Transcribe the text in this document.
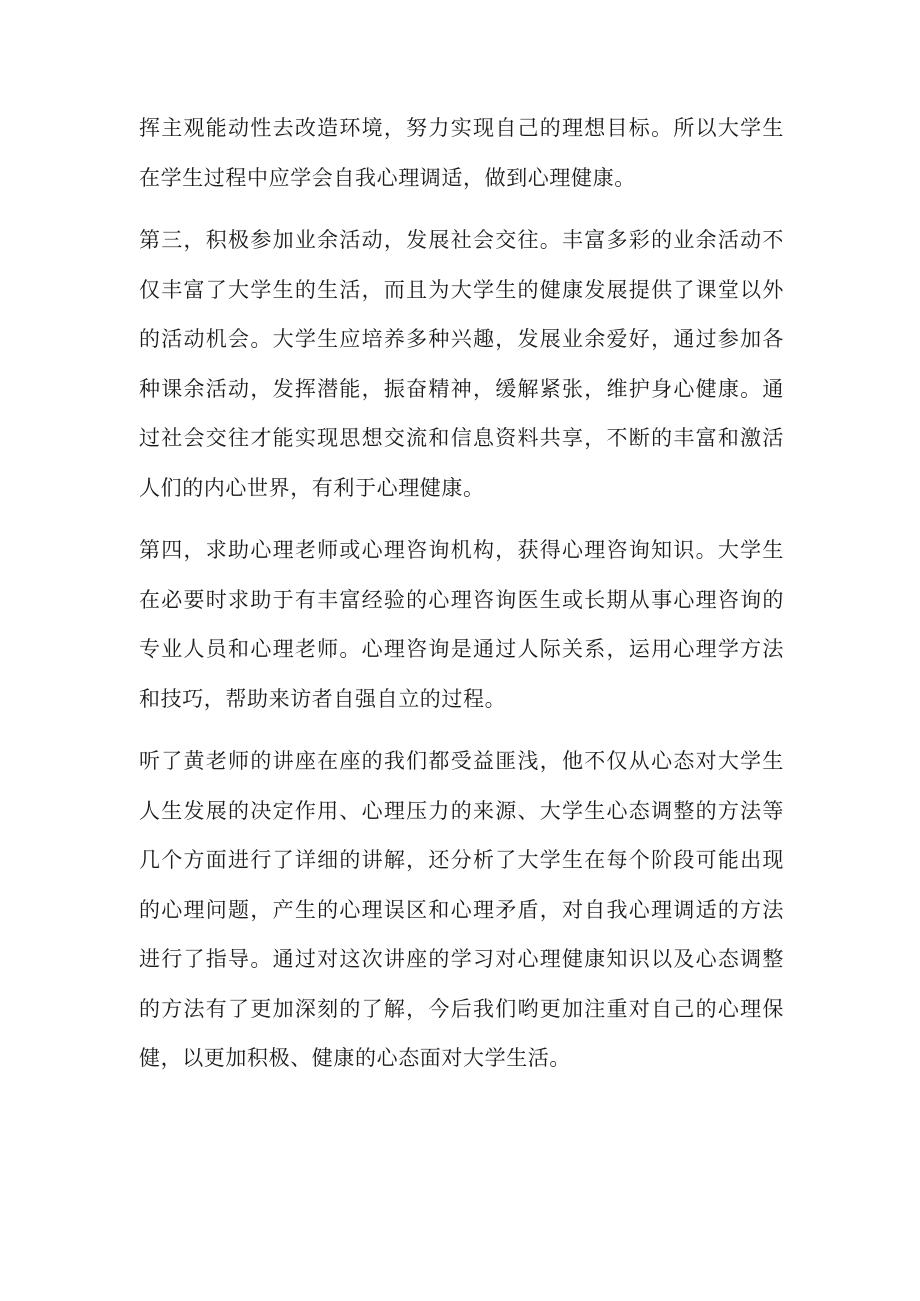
挥主观能动性去改造环境，努力实现自己的理想目标。所以大学生在学生过程中应学会自我心理调适，做到心理健康。

第三，积极参加业余活动，发展社会交往。丰富多彩的业余活动不仅丰富了大学生的生活，而且为大学生的健康发展提供了课堂以外的活动机会。大学生应培养多种兴趣，发展业余爱好，通过参加各种课余活动，发挥潜能，振奋精神，缓解紧张，维护身心健康。通过社会交往才能实现思想交流和信息资料共享，不断的丰富和激活人们的内心世界，有利于心理健康。

第四，求助心理老师或心理咨询机构，获得心理咨询知识。大学生在必要时求助于有丰富经验的心理咨询医生或长期从事心理咨询的专业人员和心理老师。心理咨询是通过人际关系，运用心理学方法和技巧，帮助来访者自强自立的过程。

听了黄老师的讲座在座的我们都受益匪浅，他不仅从心态对大学生人生发展的决定作用、心理压力的来源、大学生心态调整的方法等几个方面进行了详细的讲解，还分析了大学生在每个阶段可能出现的心理问题，产生的心理误区和心理矛盾，对自我心理调适的方法进行了指导。通过对这次讲座的学习对心理健康知识以及心态调整的方法有了更加深刻的了解，今后我们哟更加注重对自己的心理保健，以更加积极、健康的心态面对大学生活。
